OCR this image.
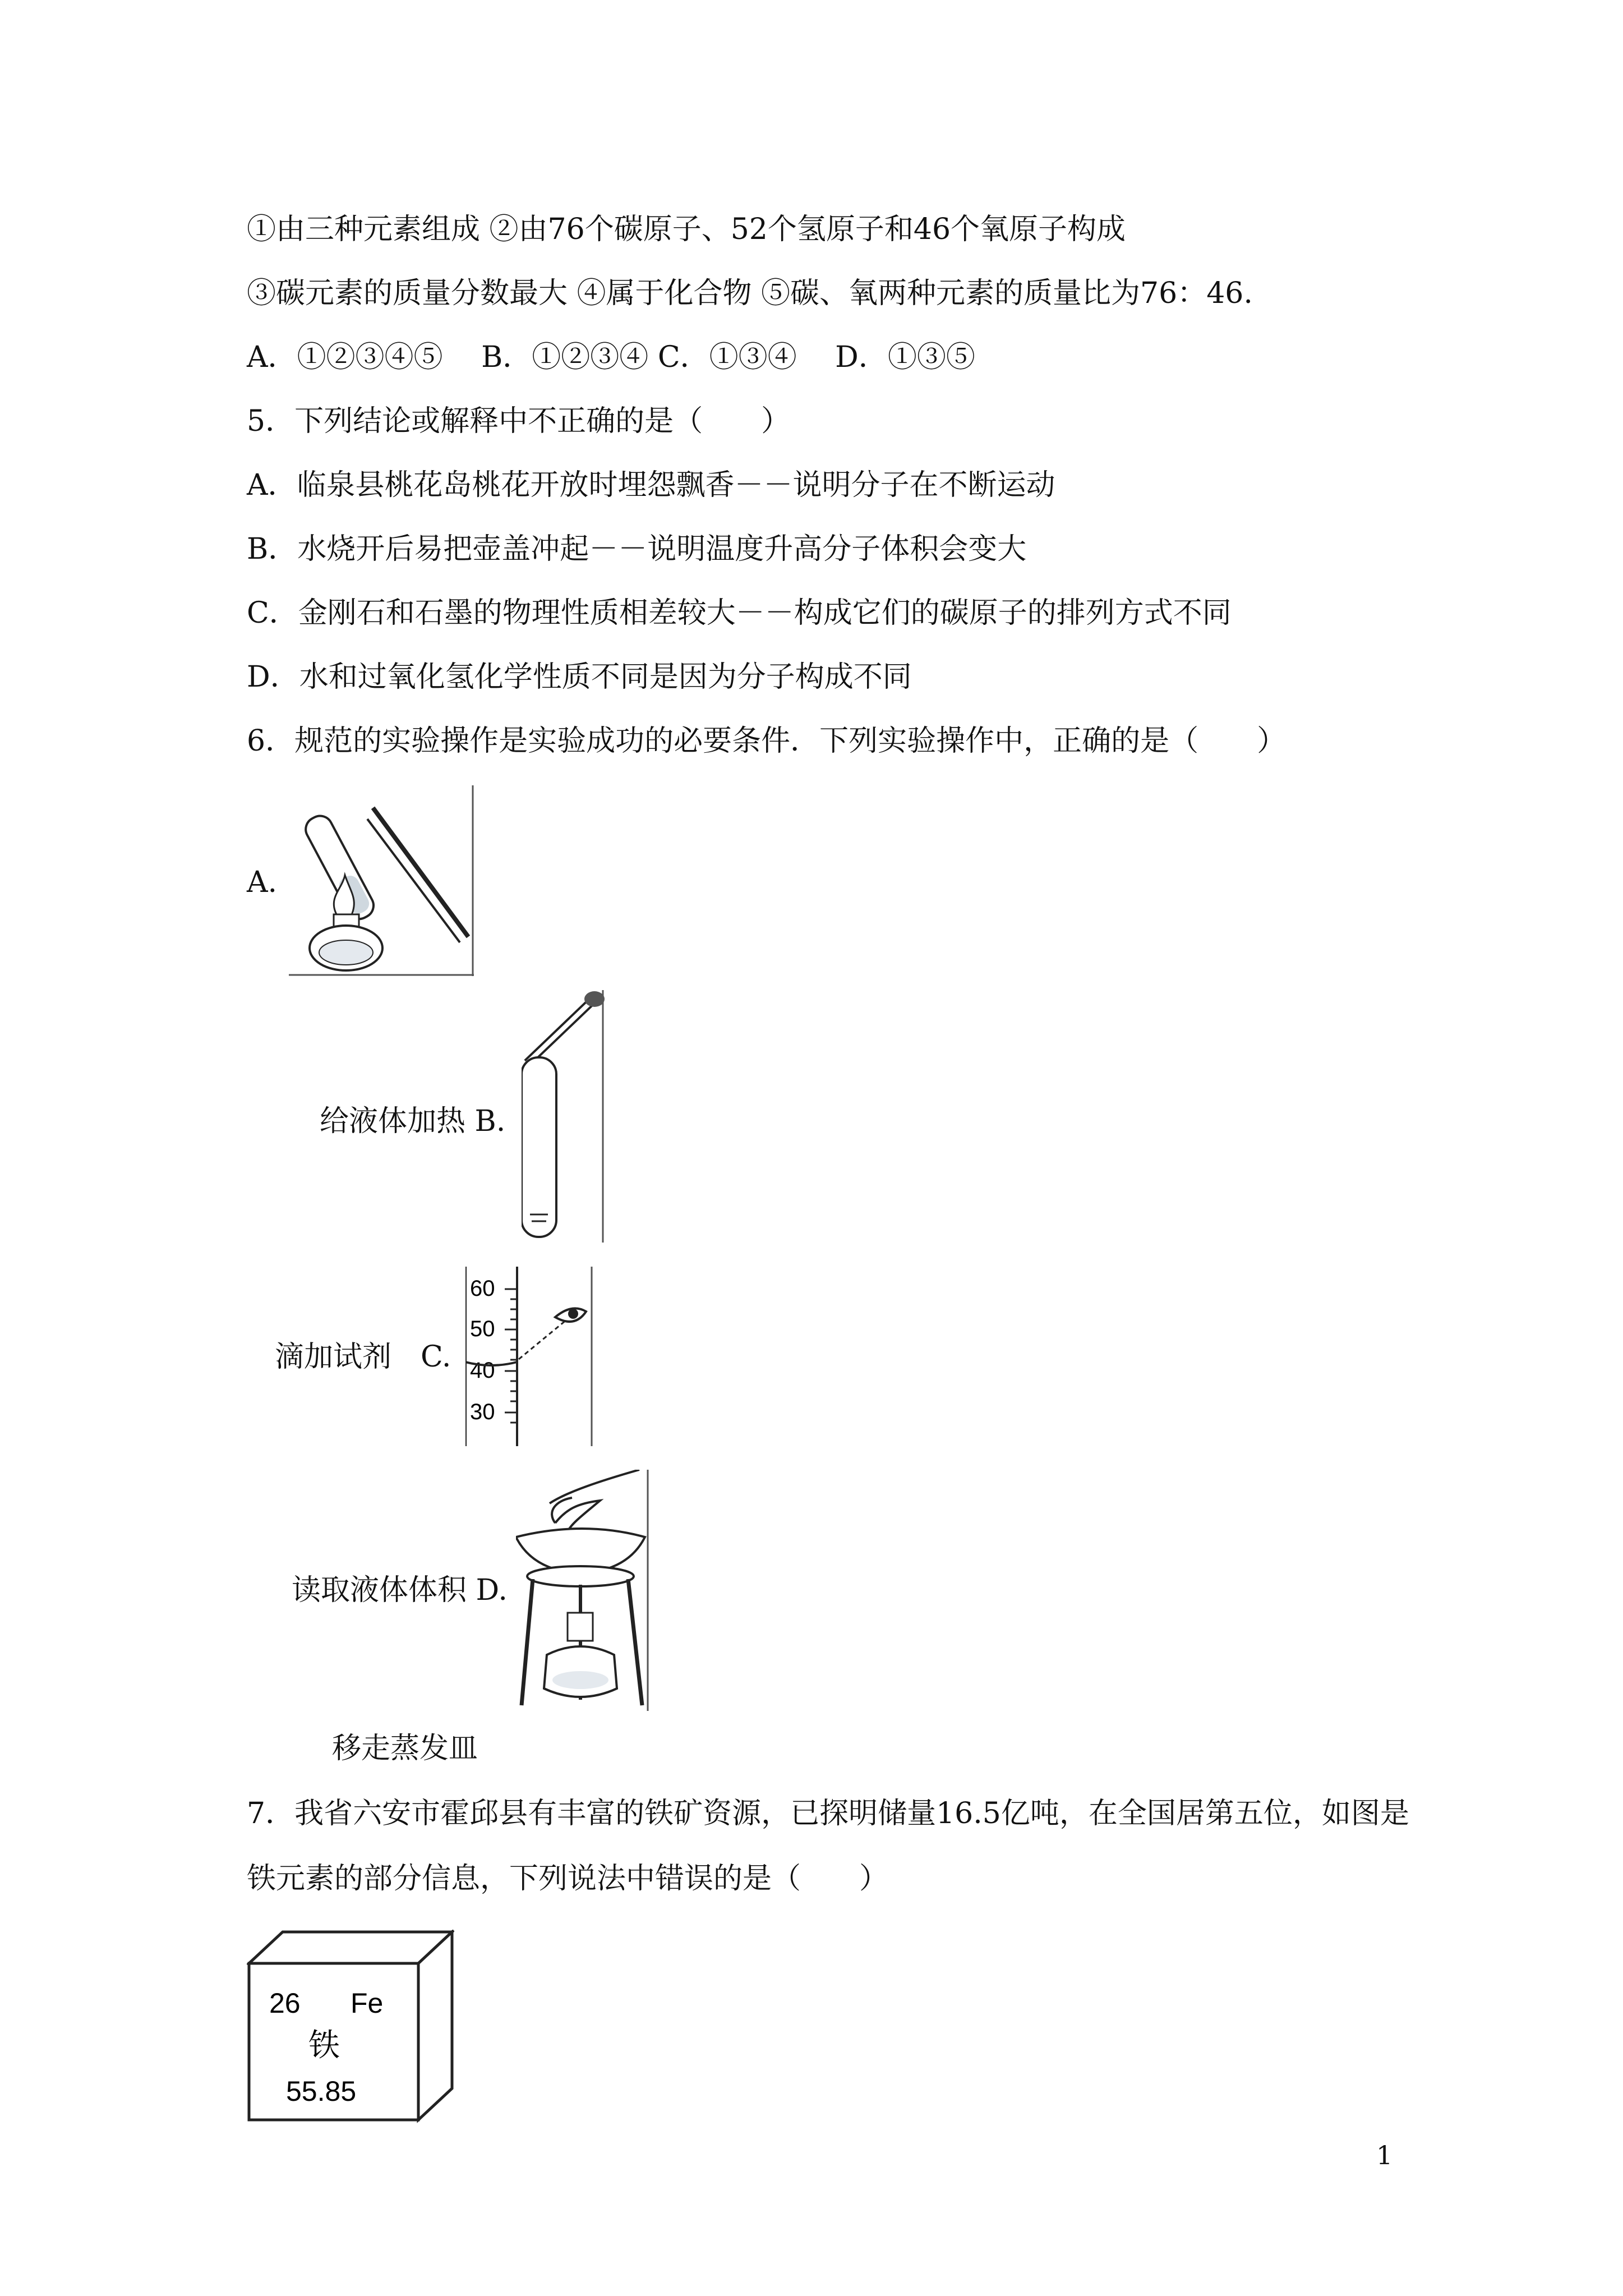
①由三种元素组成 ②由76个碳原子、52个氢原子和46个氧原子构成
③碳元素的质量分数最大 ④属于化合物 ⑤碳、氧两种元素的质量比为76：46.
A．①②③④⑤　 B．①②③④ C．①③④　 D．①③⑤
5．下列结论或解释中不正确的是（　　）
A．临泉县桃花岛桃花开放时埋怨飘香－－说明分子在不断运动
B．水烧开后易把壶盖冲起－－说明温度升高分子体积会变大
C．金刚石和石墨的物理性质相差较大－－构成它们的碳原子的排列方式不同
D．水和过氧化氢化学性质不同是因为分子构成不同
6．规范的实验操作是实验成功的必要条件．下列实验操作中，正确的是（　　）
A.
给液体加热 B.
60
50
40
30
滴加试剂　C.
读取液体体积 D.
移走蒸发皿
7．我省六安市霍邱县有丰富的铁矿资源，已探明储量16.5亿吨，在全国居第五位，如图是
铁元素的部分信息，下列说法中错误的是（　　）
26 Fe
铁
55.85
1
